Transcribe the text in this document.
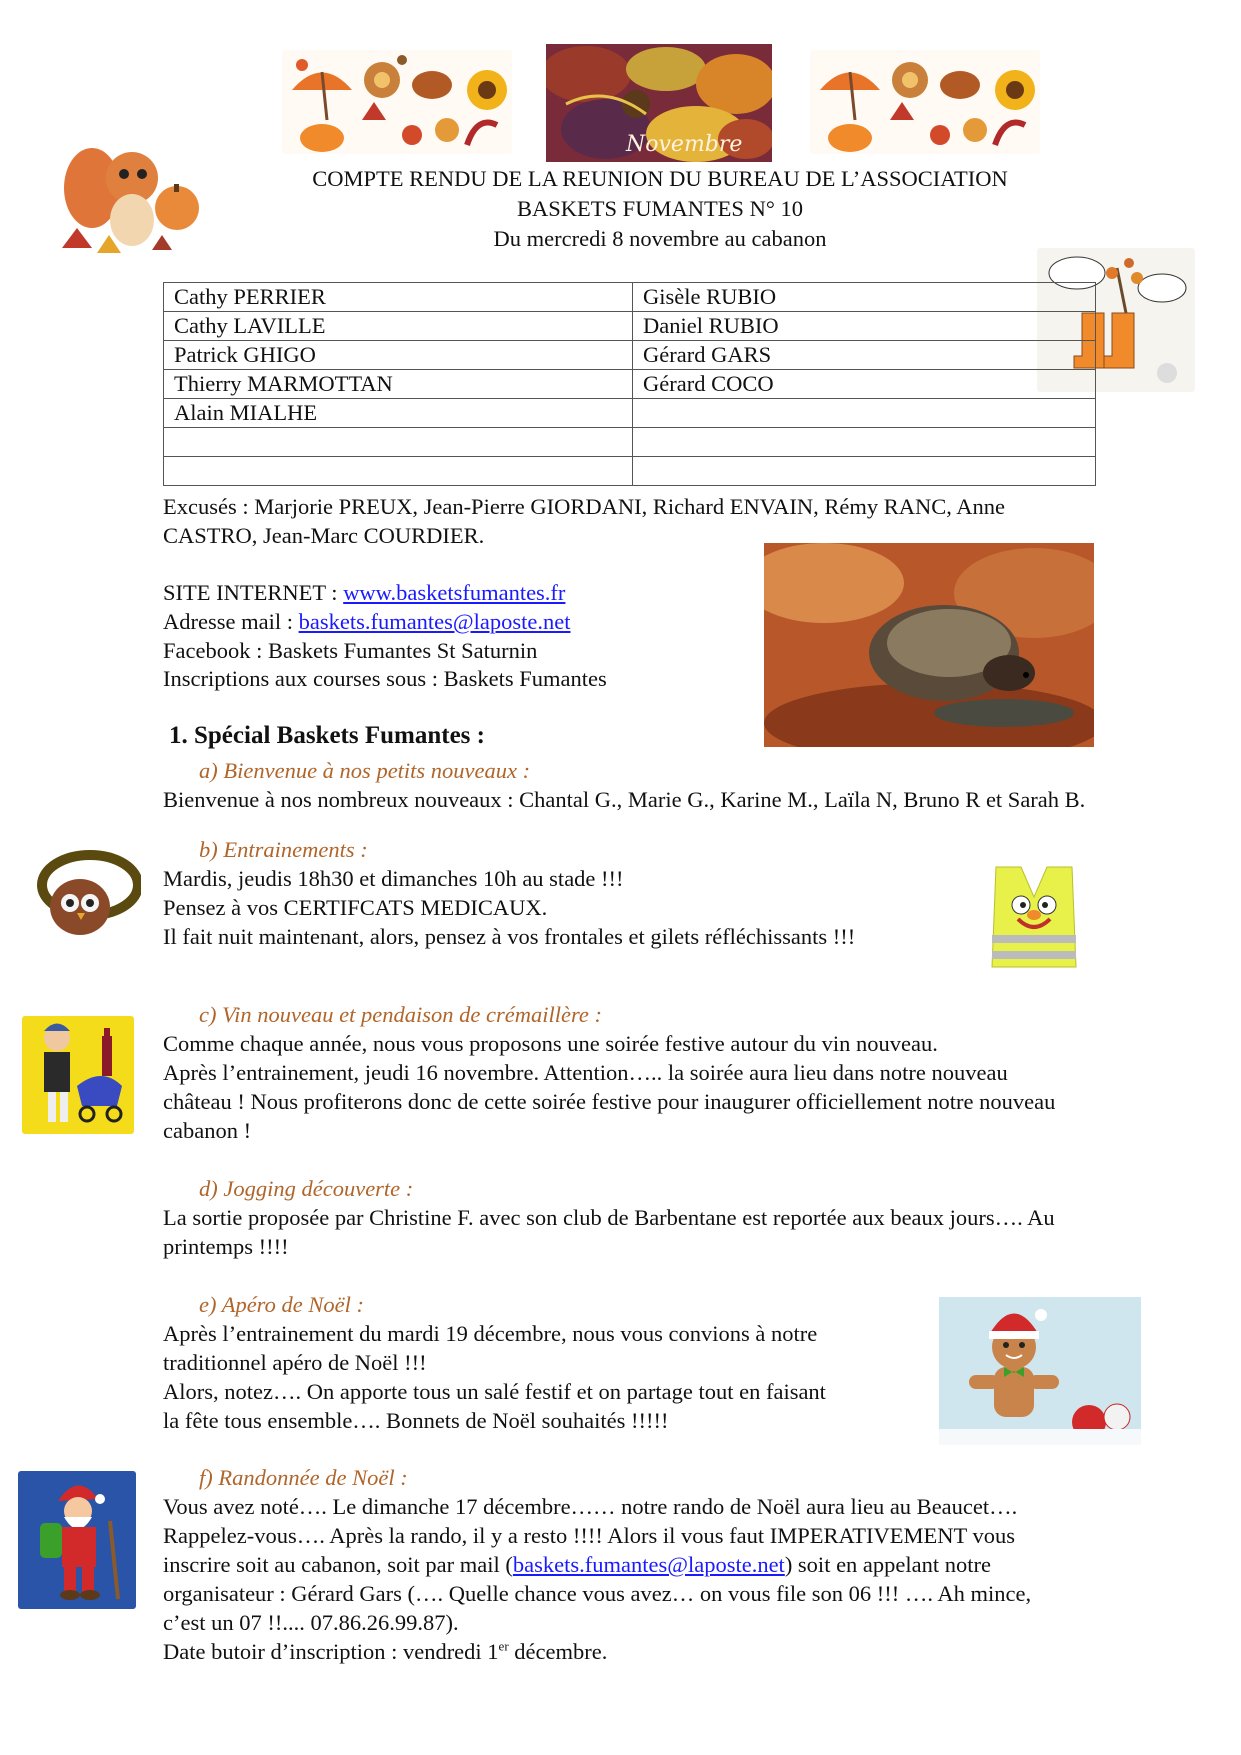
Novembre
COMPTE RENDU DE LA REUNION DU BUREAU DE L’ASSOCIATION
BASKETS FUMANTES N° 10
Du mercredi 8 novembre au cabanon
Cathy PERRIER	Gisèle RUBIO
Cathy LAVILLE	Daniel RUBIO
Patrick GHIGO	Gérard GARS
Thierry MARMOTTAN	Gérard COCO
Alain MIALHE	

Excusés : Marjorie PREUX, Jean-Pierre GIORDANI, Richard ENVAIN, Rémy RANC, Anne
CASTRO, Jean-Marc COURDIER.
SITE INTERNET : www.basketsfumantes.fr
Adresse mail : baskets.fumantes@laposte.net
Facebook : Baskets Fumantes St Saturnin
Inscriptions aux courses sous : Baskets Fumantes
1. Spécial Baskets Fumantes :
a) Bienvenue à nos petits nouveaux :
Bienvenue à nos nombreux nouveaux : Chantal G., Marie G., Karine M., Laïla N, Bruno R et Sarah B.
b) Entrainements :
Mardis, jeudis 18h30 et dimanches 10h au stade !!!
Pensez à vos CERTIFCATS MEDICAUX.
Il fait nuit maintenant, alors, pensez à vos frontales et gilets réfléchissants !!!
c) Vin nouveau et pendaison de crémaillère :
Comme chaque année, nous vous proposons une soirée festive autour du vin nouveau.
Après l’entrainement, jeudi 16 novembre. Attention….. la soirée aura lieu dans notre nouveau
château ! Nous profiterons donc de cette soirée festive pour inaugurer officiellement notre nouveau
cabanon !
d) Jogging découverte :
La sortie proposée par Christine F. avec son club de Barbentane est reportée aux beaux jours…. Au
printemps !!!!
e) Apéro de Noël :
Après l’entrainement du mardi 19 décembre, nous vous convions à notre
traditionnel apéro de Noël !!!
Alors, notez…. On apporte tous un salé festif et on partage tout en faisant
la fête tous ensemble…. Bonnets de Noël souhaités !!!!!
f) Randonnée de Noël :
Vous avez noté…. Le dimanche 17 décembre…… notre rando de Noël aura lieu au Beaucet….
Rappelez-vous…. Après la rando, il y a resto !!!! Alors il vous faut IMPERATIVEMENT vous
inscrire soit au cabanon, soit par mail (baskets.fumantes@laposte.net) soit en appelant notre
organisateur : Gérard Gars (…. Quelle chance vous avez… on vous file son 06 !!! …. Ah mince,
c’est un 07 !!.... 07.86.26.99.87).
Date butoir d’inscription : vendredi 1er décembre.
